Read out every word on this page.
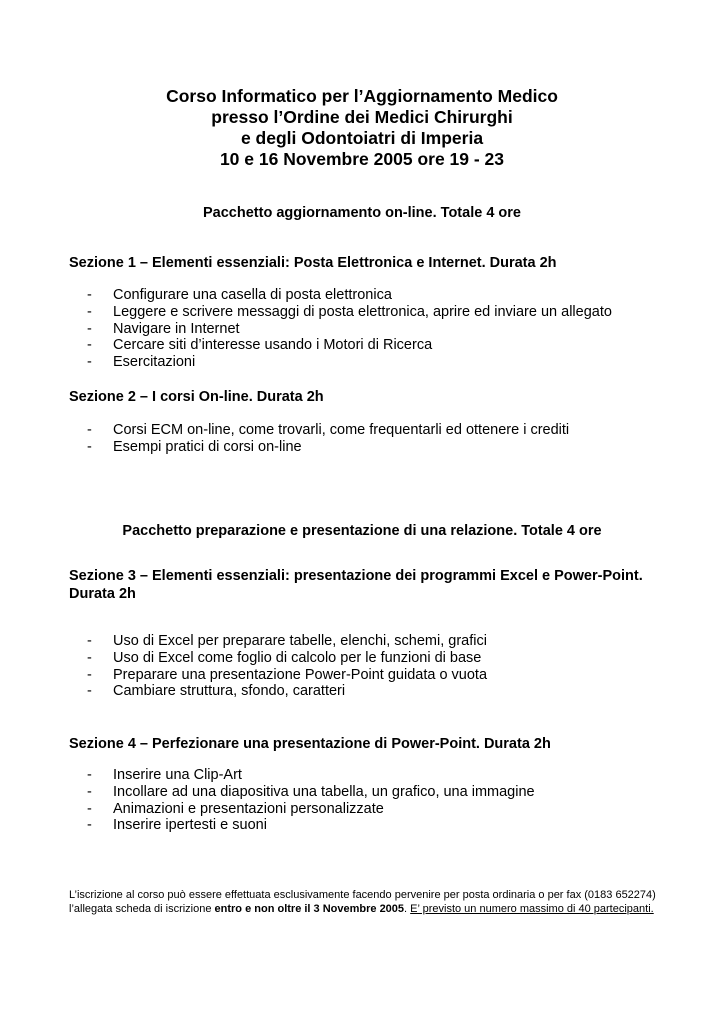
Corso Informatico per l’Aggiornamento Medico
presso l’Ordine dei Medici Chirurghi
e degli Odontoiatri di Imperia
10 e 16 Novembre 2005 ore 19 - 23
Pacchetto aggiornamento on-line. Totale 4 ore
Sezione 1 – Elementi essenziali: Posta Elettronica e Internet. Durata 2h
- Configurare una casella di posta elettronica
- Leggere e scrivere messaggi di posta elettronica, aprire ed inviare un allegato
- Navigare in Internet
- Cercare siti d’interesse usando i Motori di Ricerca
- Esercitazioni
Sezione 2 – I corsi On-line. Durata 2h
- Corsi ECM on-line, come trovarli, come frequentarli ed ottenere i crediti
- Esempi pratici di corsi on-line
Pacchetto preparazione e presentazione di una relazione. Totale 4 ore
Sezione 3 – Elementi essenziali: presentazione dei programmi Excel e Power-Point.
Durata 2h
- Uso di Excel per preparare tabelle, elenchi, schemi, grafici
- Uso di Excel come foglio di calcolo per le funzioni di base
- Preparare una presentazione Power-Point guidata o vuota
- Cambiare struttura, sfondo, caratteri
Sezione 4 – Perfezionare una presentazione di Power-Point. Durata 2h
- Inserire una Clip-Art
- Incollare ad una diapositiva una tabella, un grafico, una immagine
- Animazioni e presentazioni personalizzate
- Inserire ipertesti e suoni
L’iscrizione al corso può essere effettuata esclusivamente facendo pervenire per posta ordinaria o per fax (0183 652274)
l’allegata scheda di iscrizione entro e non oltre il 3 Novembre 2005. E’ previsto un numero massimo di 40 partecipanti.
